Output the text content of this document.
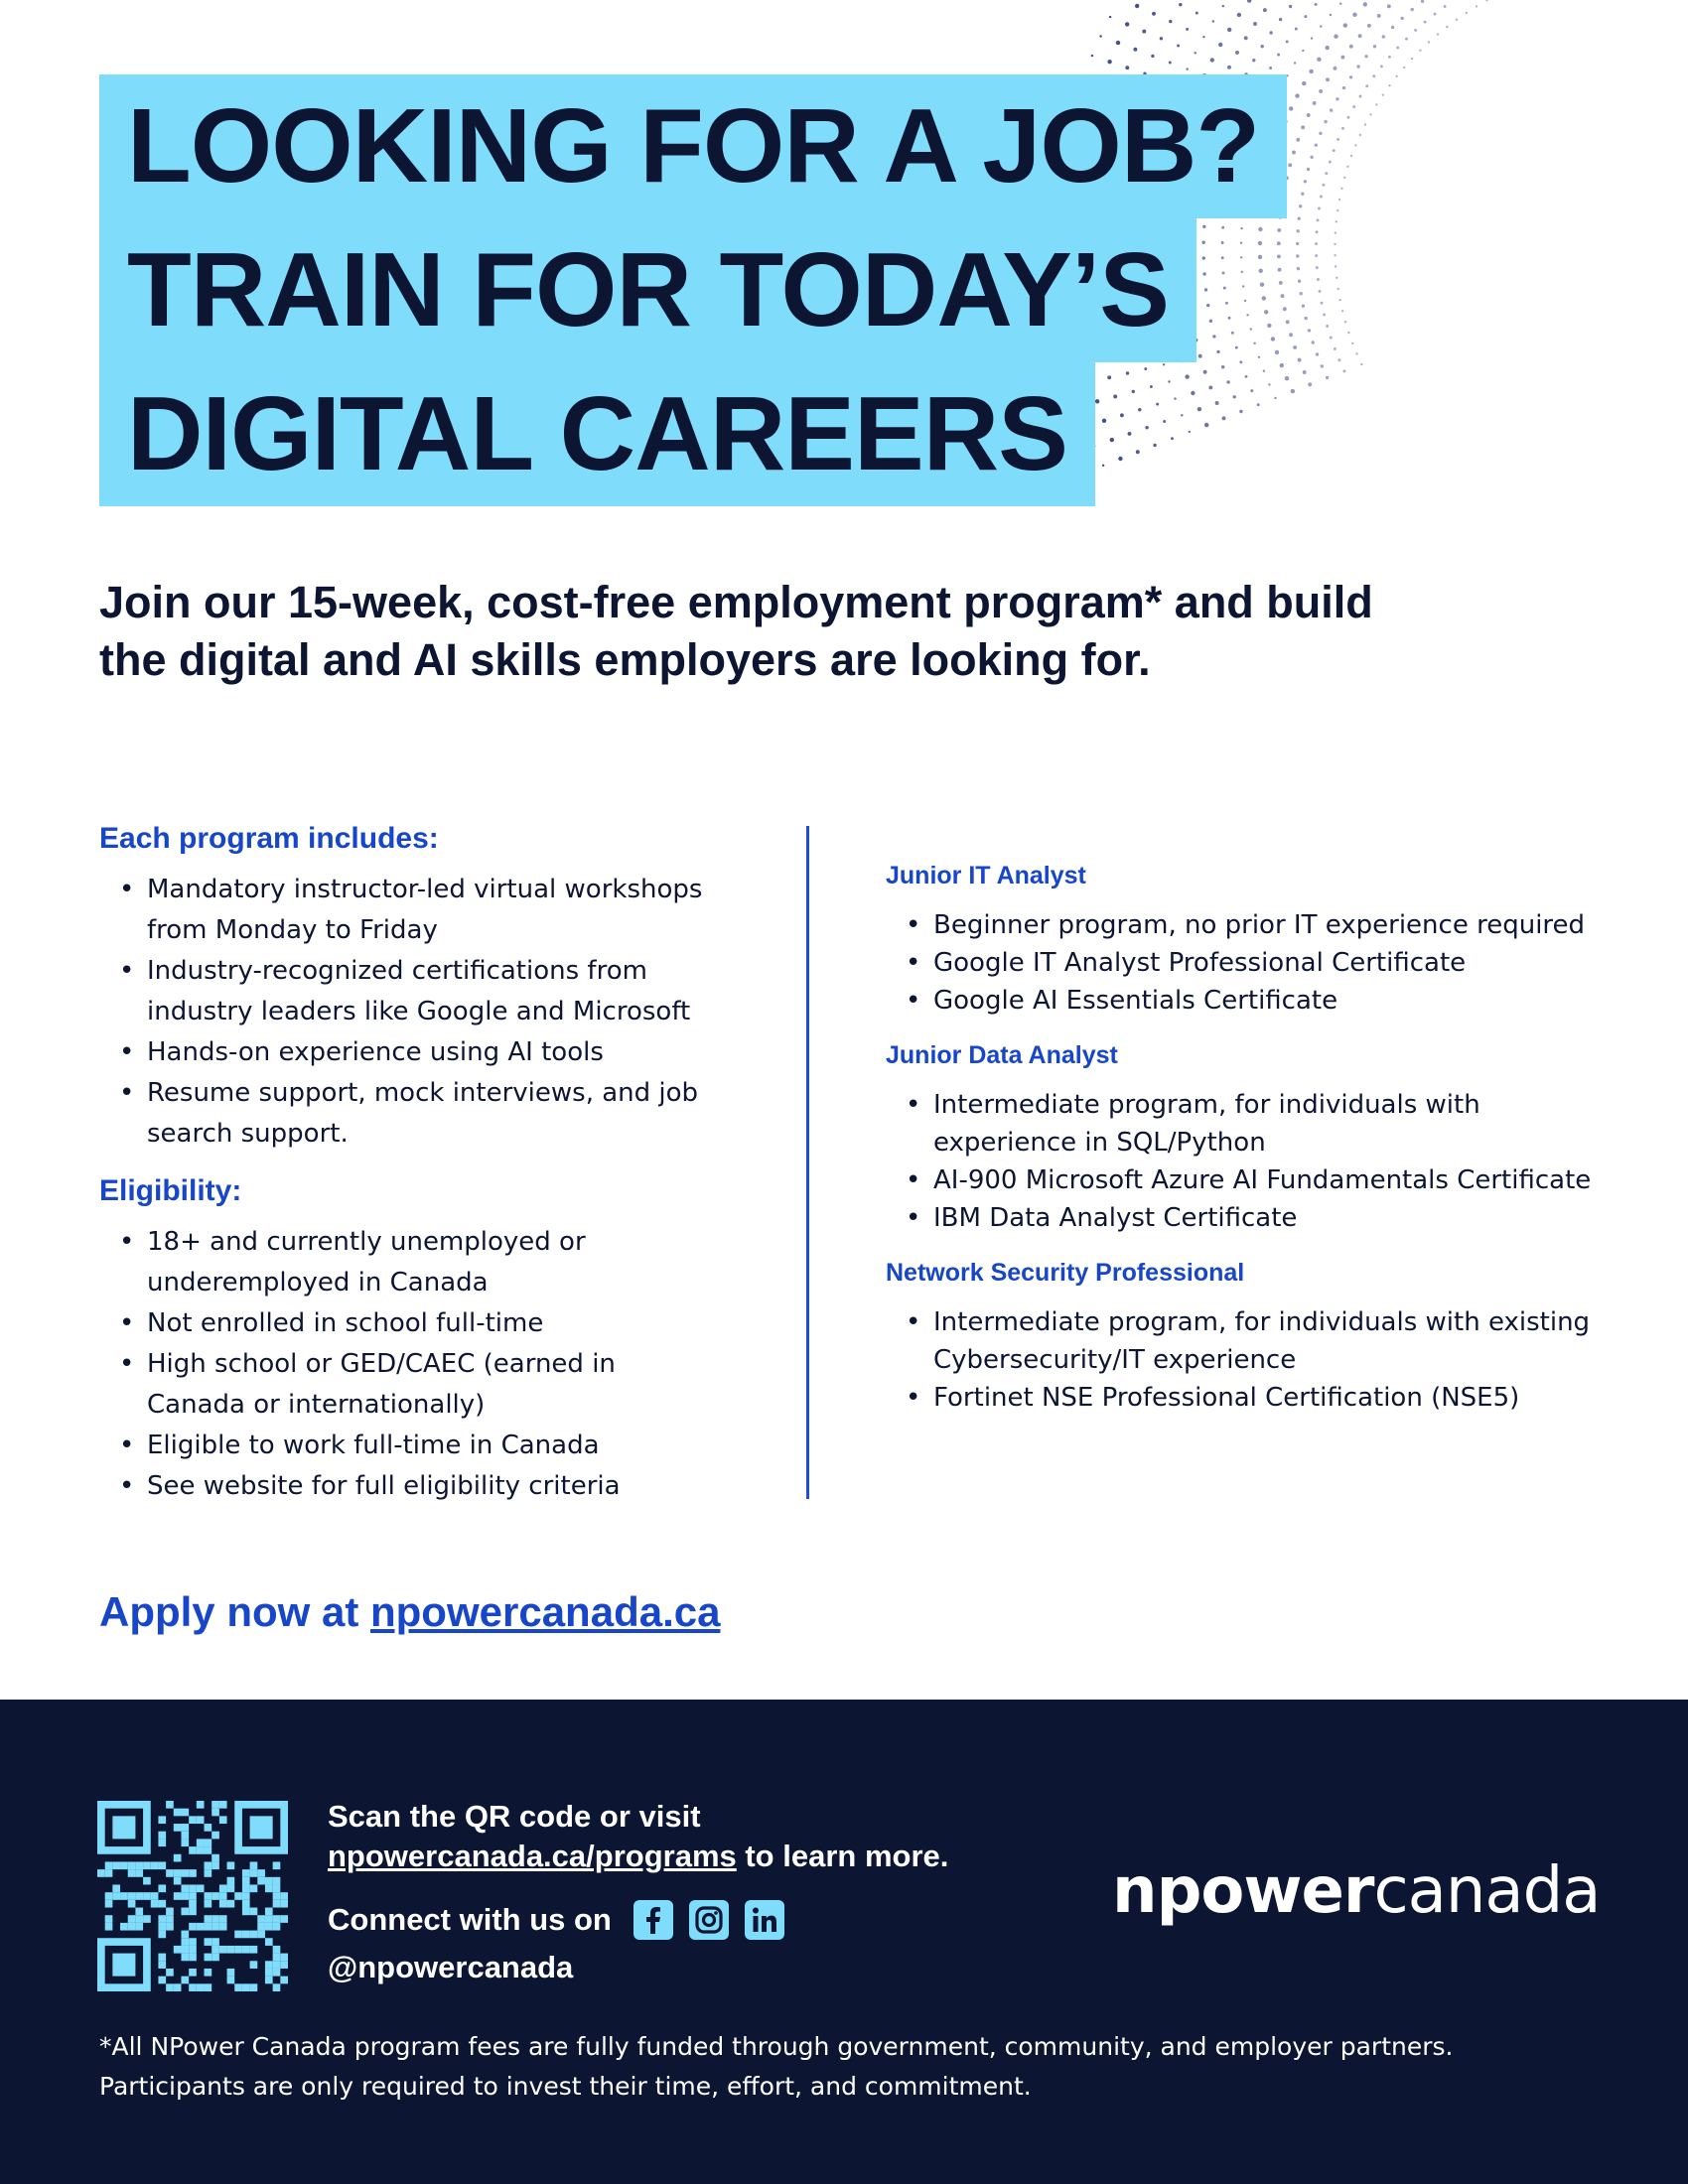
LOOKING FOR A JOB?
TRAIN FOR TODAY’S
DIGITAL CAREERS
Join our 15-week, cost-free employment program* and build the digital and AI skills employers are looking for.
Each program includes:
• Mandatory instructor-led virtual workshops from Monday to Friday
• Industry-recognized certifications from industry leaders like Google and Microsoft
• Hands-on experience using AI tools
• Resume support, mock interviews, and job search support.
Eligibility:
• 18+ and currently unemployed or underemployed in Canada
• Not enrolled in school full-time
• High school or GED/CAEC (earned in Canada or internationally)
• Eligible to work full-time in Canada
• See website for full eligibility criteria
Junior IT Analyst
• Beginner program, no prior IT experience required
• Google IT Analyst Professional Certificate
• Google AI Essentials Certificate
Junior Data Analyst
• Intermediate program, for individuals with experience in SQL/Python
• AI-900 Microsoft Azure AI Fundamentals Certificate
• IBM Data Analyst Certificate
Network Security Professional
• Intermediate program, for individuals with existing Cybersecurity/IT experience
• Fortinet NSE Professional Certification (NSE5)
Apply now at npowercanada.ca
Scan the QR code or visit
npowercanada.ca/programs to learn more.
Connect with us on
@npowercanada
npowercanada
*All NPower Canada program fees are fully funded through government, community, and employer partners.
Participants are only required to invest their time, effort, and commitment.
